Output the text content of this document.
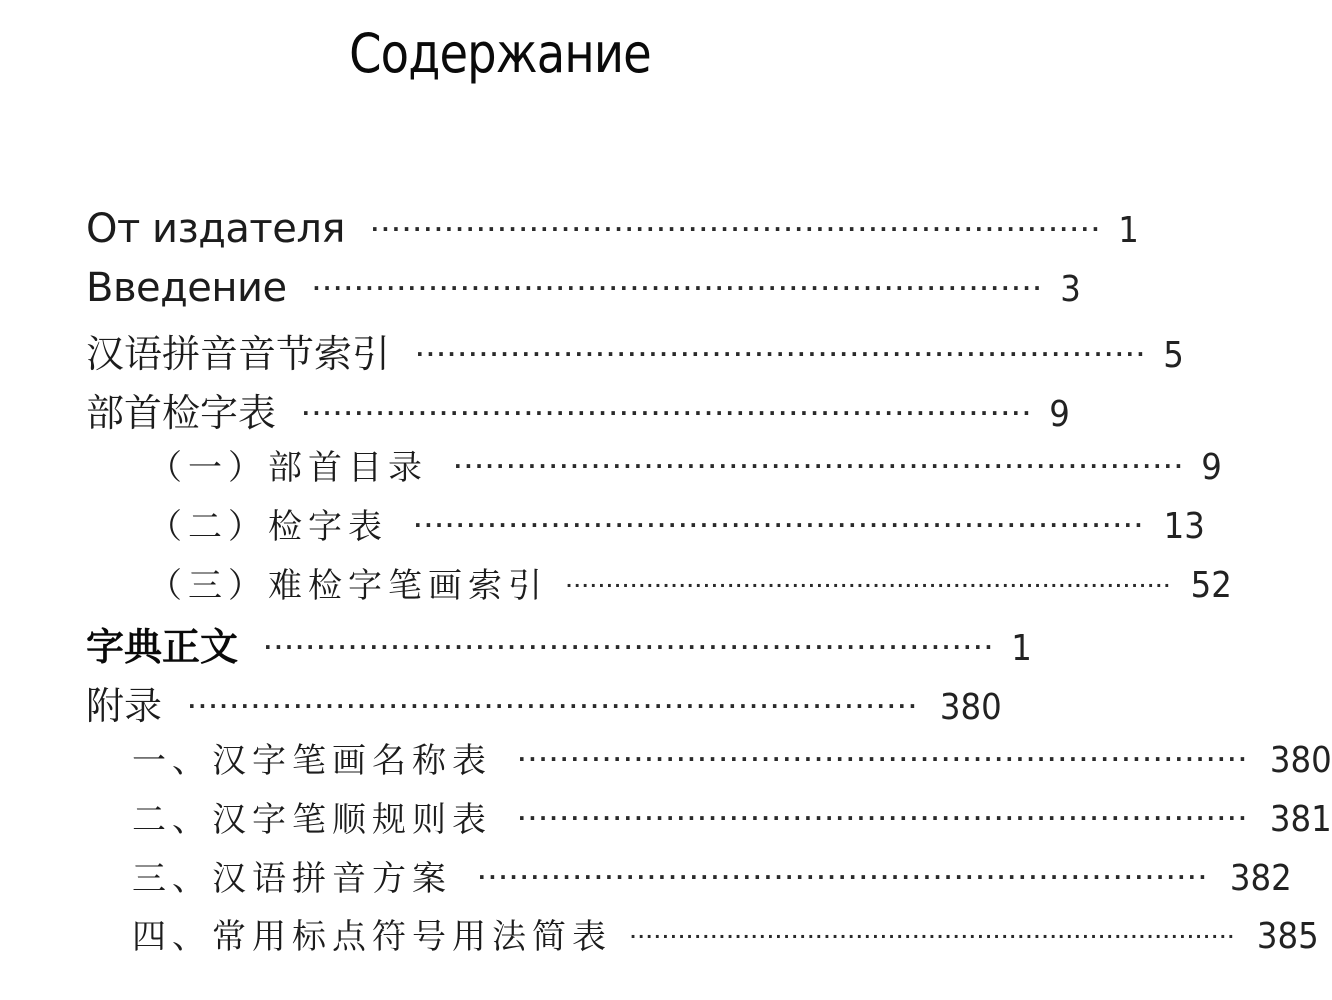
Содержание
От издателя ····································································· 1
Введение ····································································· 3
汉语拼音音节索引 ····································································· 5
部首检字表 ····································································· 9
（一）部首目录 ····································································· 9
（二）检字表 ····································································· 13
（三）难检字笔画索引 ··········································································· 52
字典正文 ····································································· 1
附录 ····································································· 380
一、汉字笔画名称表 ····································································· 380
二、汉字笔顺规则表 ····································································· 381
三、汉语拼音方案 ····································································· 382
四、常用标点符号用法简表 ··········································································· 385
